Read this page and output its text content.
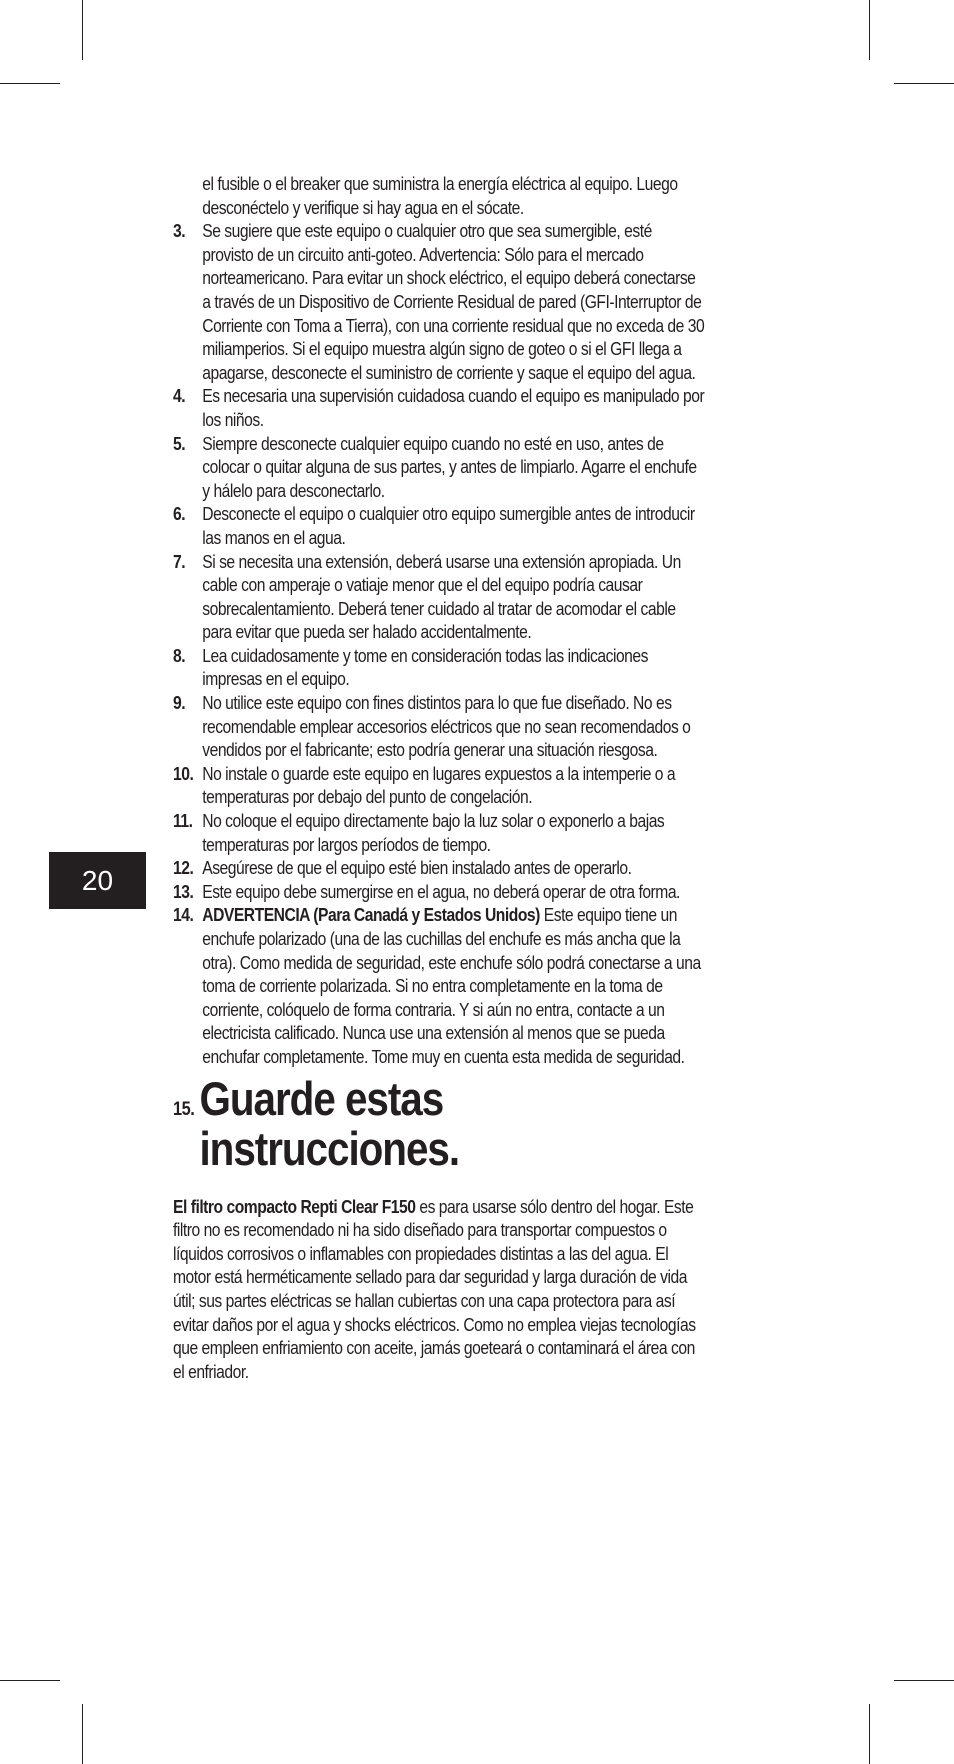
20

el fusible o el breaker que suministra la energía eléctrica al equipo. Luego desconéctelo y verifique si hay agua en el sócate.

3. Se sugiere que este equipo o cualquier otro que sea sumergible, esté provisto de un circuito anti-goteo. Advertencia: Sólo para el mercado norteamericano. Para evitar un shock eléctrico, el equipo deberá conectarse a través de un Dispositivo de Corriente Residual de pared (GFI-Interruptor de Corriente con Toma a Tierra), con una corriente residual que no exceda de 30 miliamperios. Si el equipo muestra algún signo de goteo o si el GFI llega a apagarse, desconecte el suministro de corriente y saque el equipo del agua.
4. Es necesaria una supervisión cuidadosa cuando el equipo es manipulado por los niños.
5. Siempre desconecte cualquier equipo cuando no esté en uso, antes de colocar o quitar alguna de sus partes, y antes de limpiarlo. Agarre el enchufe y hálelo para desconectarlo.
6. Desconecte el equipo o cualquier otro equipo sumergible antes de introducir las manos en el agua.
7. Si se necesita una extensión, deberá usarse una extensión apropiada. Un cable con amperaje o vatiaje menor que el del equipo podría causar sobrecalentamiento. Deberá tener cuidado al tratar de acomodar el cable para evitar que pueda ser halado accidentalmente.
8. Lea cuidadosamente y tome en consideración todas las indicaciones impresas en el equipo.
9. No utilice este equipo con fines distintos para lo que fue diseñado. No es recomendable emplear accesorios eléctricos que no sean recomendados o vendidos por el fabricante; esto podría generar una situación riesgosa.
10. No instale o guarde este equipo en lugares expuestos a la intemperie o a temperaturas por debajo del punto de congelación.
11. No coloque el equipo directamente bajo la luz solar o exponerlo a bajas temperaturas por largos períodos de tiempo.
12. Asegúrese de que el equipo esté bien instalado antes de operarlo.
13. Este equipo debe sumergirse en el agua, no deberá operar de otra forma.
14. ADVERTENCIA (Para Canadá y Estados Unidos) Este equipo tiene un enchufe polarizado (una de las cuchillas del enchufe es más ancha que la otra). Como medida de seguridad, este enchufe sólo podrá conectarse a una toma de corriente polarizada. Si no entra completamente en la toma de corriente, colóquelo de forma contraria. Y si aún no entra, contacte a un electricista calificado. Nunca use una extensión al menos que se pueda enchufar completamente. Tome muy en cuenta esta medida de seguridad.
15. Guarde estas instrucciones.

El filtro compacto Repti Clear F150 es para usarse sólo dentro del hogar. Este filtro no es recomendado ni ha sido diseñado para transportar compuestos o líquidos corrosivos o inflamables con propiedades distintas a las del agua. El motor está herméticamente sellado para dar seguridad y larga duración de vida útil; sus partes eléctricas se hallan cubiertas con una capa protectora para así evitar daños por el agua y shocks eléctricos. Como no emplea viejas tecnologías que empleen enfriamiento con aceite, jamás goeteará o contaminará el área con el enfriador.
